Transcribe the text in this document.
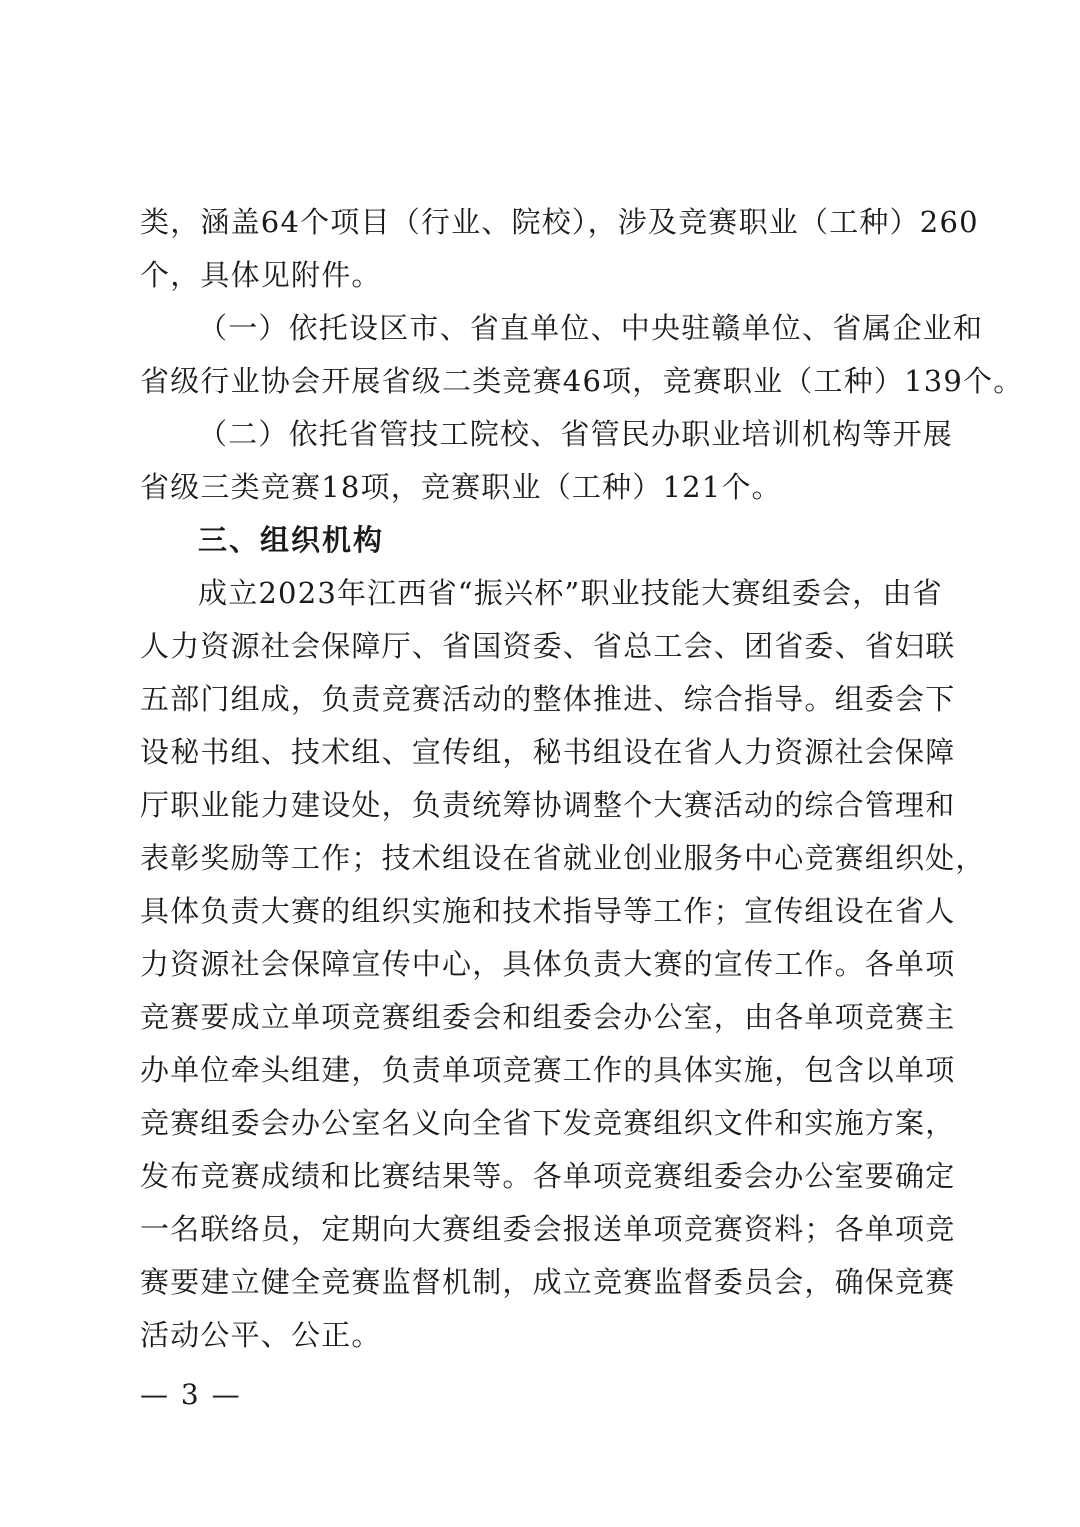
类，涵盖64个项目（行业、院校），涉及竞赛职业（工种）260
个，具体见附件。
（一）依托设区市、省直单位、中央驻赣单位、省属企业和
省级行业协会开展省级二类竞赛46项，竞赛职业（工种）139个。
（二）依托省管技工院校、省管民办职业培训机构等开展
省级三类竞赛18项，竞赛职业（工种）121个。
三、组织机构
成立2023年江西省“振兴杯”职业技能大赛组委会，由省
人力资源社会保障厅、省国资委、省总工会、团省委、省妇联
五部门组成，负责竞赛活动的整体推进、综合指导。组委会下
设秘书组、技术组、宣传组，秘书组设在省人力资源社会保障
厅职业能力建设处，负责统筹协调整个大赛活动的综合管理和
表彰奖励等工作；技术组设在省就业创业服务中心竞赛组织处，
具体负责大赛的组织实施和技术指导等工作；宣传组设在省人
力资源社会保障宣传中心，具体负责大赛的宣传工作。各单项
竞赛要成立单项竞赛组委会和组委会办公室，由各单项竞赛主
办单位牵头组建，负责单项竞赛工作的具体实施，包含以单项
竞赛组委会办公室名义向全省下发竞赛组织文件和实施方案，
发布竞赛成绩和比赛结果等。各单项竞赛组委会办公室要确定
一名联络员，定期向大赛组委会报送单项竞赛资料；各单项竞
赛要建立健全竞赛监督机制，成立竞赛监督委员会，确保竞赛
活动公平、公正。
— 3 —
